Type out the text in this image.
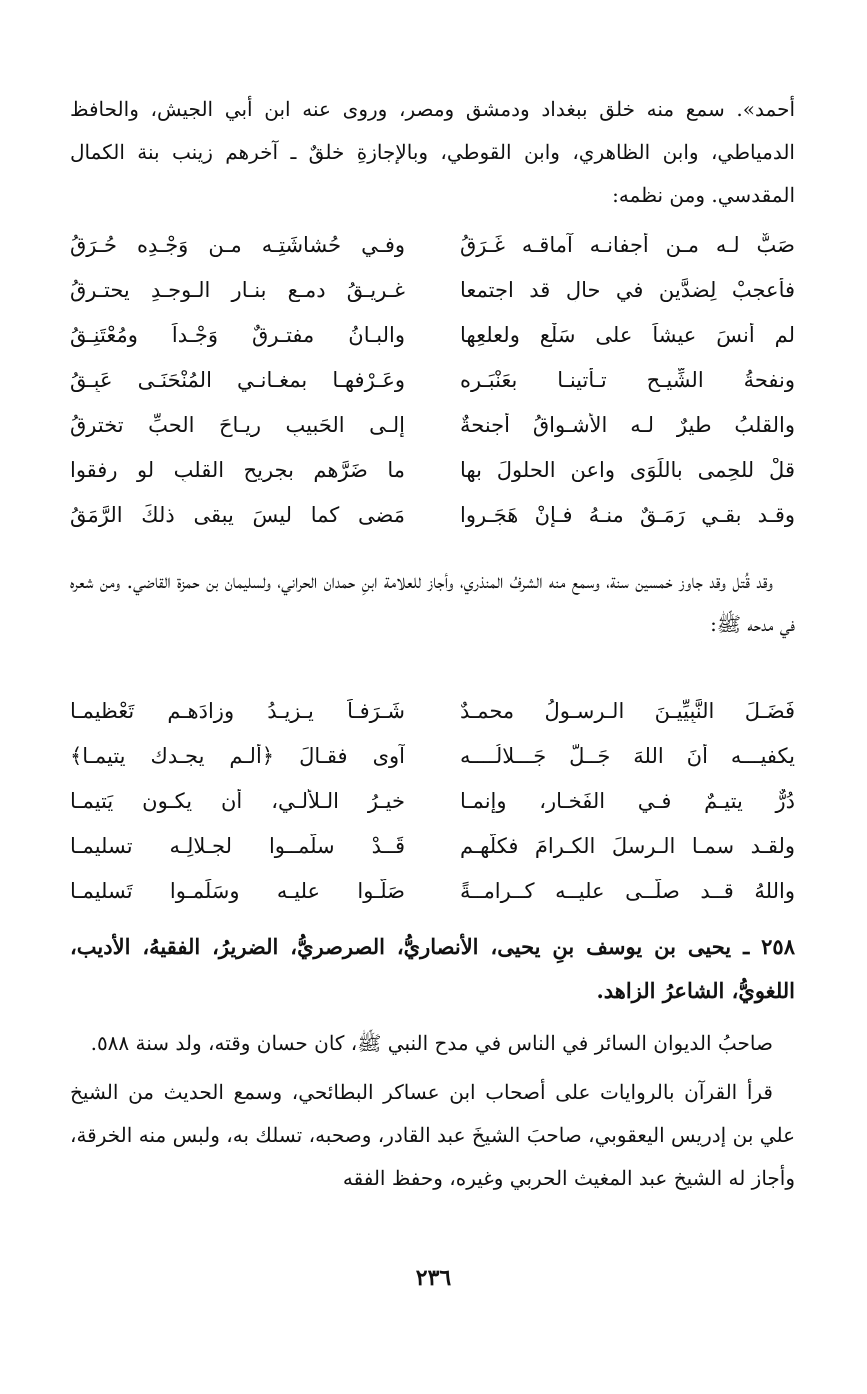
أحمد». سمع منه خلق ببغداد ودمشق ومصر، وروى عنه ابن أبي الجيش، والحافظ الدمياطي، وابن الظاهري، وابن القوطي، وبالإجازةِ خلقٌ ـ آخرهم زينب بنة الكمال المقدسي. ومن نظمه:

صَبٌّ لـه مـن أجفانـه آماقـه غَـرَقُ
وفـي حُشاشَتِـه مـن وَجْـدِه حُـرَقُ
فأعجبْ لِضدَّينِ في حالٍ قد اجتمعا
غـريـقُ دمـعٍ بنـار الـوجـدِ يحتـرقُ
لم أنسَ عيشاً على سَلْعٍ ولعلعِها
والبـانُ مفتـرقٌ وَجْـداً ومُعْتَنِـقُ
ونفحةُ الشِّيـحِ تـأتينـا بعَنْبَـرِه
وعَـرْفهـا بمغـانـي المُنْحَنَـى عَبِـقُ
والقلبُ طيرٌ لـه الأشـواقُ أجنحةٌ
إلـى الحَبيبِ ريـاحَ الحبِّ تخترقُ
قلْ للحِمى باللِّوَى واعن الحلولَ بها
ما ضَرَّهم بجريحِ القلبِ لو رفقوا
وقـد بقـي رَمَـقٌ منـهُ فـإنْ هَجَـروا
مَضى كما ليسَ يبقى ذلكَ الرَّمَقُ

وقد قُتل وقد جاوز خمسين سنة، وسمع منه الشرفُ المنذري، وأجاز للعلامة ابنِ حمدان الحراني، ولسليمان بن حمزة القاضي. ومن شعره في مدحه ﷺ:

فَضَـلَ النَّبِيِّيـنَ الـرسـولُ محمـدٌ
شَـرَفـاً يـزيـدُ وزادَهـم تَعْظيمـا
يكفيـــه أنَ اللهَ جَــلَّ جَـــلالُــــه
آوى فقـالَ ﴿ألـم يجـدك يتيمـا﴾
دُرٌّ يتيـمٌ فـي الفَخـار، وإنمـا
خيـرُ الـلأَّلـي، أن يكـون يَتيمـا
ولقـد سمـا الـرسلَ الكـرامَ فكلُّهـم
قَــدْ سلَّمــوا لجـلالِـه تسليمـا
واللهُ قــد صلَّــى عليــه كــرامــةً
صَلُّـوا عليـه وسَلِّمـوا تَسليمـا

٢٥٨ ـ يحيى بن يوسف بنِ يحيى، الأنصاريُّ، الصرصريُّ، الضريرُ، الفقيهُ، الأديب، اللغويُّ، الشاعرُ الزاهد.

صاحبُ الديوان السائر في الناس في مدح النبي ﷺ، كان حسان وقته، ولد سنة ٥٨٨.

قرأ القرآن بالروايات على أصحاب ابن عساكر البطائحي، وسمع الحديث من الشيخ علي بن إدريس اليعقوبي، صاحبَ الشيخَ عبد القادر، وصحبه، تسلك به، ولبس منه الخرقة، وأجاز له الشيخ عبد المغيث الحربي وغيره، وحفظ الفقه

٢٣٦
